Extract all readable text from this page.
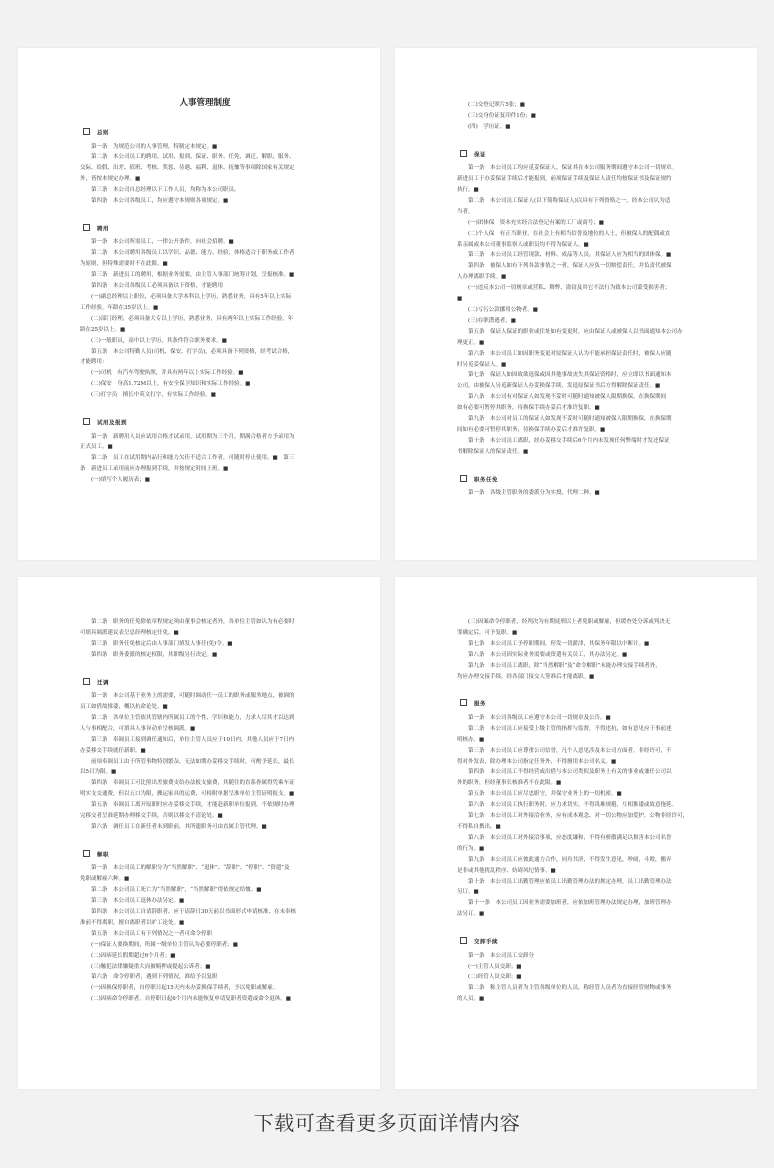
人事管理制度
总则
第一条　为规范公司的人事管理，特制定本规定。■
第二条　本公司员工的聘用、试用、报到、保证、职务、任免、调迁、解职、服务、
交际、给假、出差、值班、考核、奖惩、待遇、福利、退休、抚恤等事项除国家有关规定
外，皆按本规定办理。■
第三条　本公司自总经理以下工作人员，均称为本公司职员。
第四条　本公司各级员工，均应遵守本规则各项规定。■
聘用
第一条　本公司所需员工，一律公开条件，向社会招聘。■
第二条　本公司聘用各级员工以学识、品德、能力、经验、体格适合于职务或工作者
为原则，但特殊需要时不在此限。■
第三条　新进员工的聘用，根据业务需要，由主管人事部门统筹计划，呈报核准。■
第四条　本公司各级员工必须具备以下资格，才能聘用
(一)副总经理以上职位，必须具备大学本科以上学历，熟悉业务，具有5年以上实际
工作经验，年龄在35岁以上。■
(二)部门经理，必须具备大专以上学历，熟悉业务，具有两年以上实际工作经验，年
龄在25岁以上。■
(三)一般职员，高中以上学历，其条件符合职务要求。■
第五条　本公司特勤人员(司机、保安、打字员)，必须具备下列资格，经考试合格，
才能聘用：
(一)司机　有汽车驾驶执照，并具有两年以上实际工作经验。■
(二)保安　身高1.72M以上，有安全保卫知识和实际工作经验。■
(三)打字员　擅长中英文打字，有实际工作经验。■
试用及报到
第一条　新聘用人员应试用合格才试录用，试用期为三个月，期满合格者方予录用为
正式员工。■
第二条　员工在试用期内品行和能力欠佳不适合工作者，可随时停止使用。■　第三
条　新进员工录用前应办理报到手续，并按规定时间上班。■
(一)填写个人履历表；■
(二)交登记照片5张；■
(三)交身份证复印件1份；■
(四)　学历证。■
保证
第一条　本公司员工均应觅妥保证人，保证其在本公司服务期间遵守本公司一切规章。
新进员工于办妥保证手续后才能报到，前项保证手续及保证人责任均按保证书及保证规约
执行。■
第二条　本公司员工保证人(以下简称保证人)以具有下列资格之一，经本公司认为适
当者。
(一)团体保　资本充实经合法登记有案的工厂或商号；■
(二)个人保　有正当职业，在社会上有相当信誉及地位的人士，但被保人的配偶或直
系亲属或本公司董事监察人或职员均不得为保证人。■
第三条　本公司员工经管现款、材料、成品等人员，其保证人应为相当的团体保。■
第四条　被保人如有下列各款事情之一者，保证人应负一切赔偿责任，并负责代被保
人办理离职手续。■
(一)违反本公司一切规章或营私、舞弊、盗窃及其它不法行为致本公司蒙受损害者；
■
(二)亏污公款挪用公物者。■
(三)存职潜逃者。■
第五条　保证人保证的职业或住址如有变更时，应由保证人或被保人以书面通知本公司办
理更正。■
第六条　本公司员工如因职务变更对原保证人认为不能承担保证责任时，被保人应随
时另觅妥保证人。■
第七条　保证人如因故欲退保或因其他事故丧失其保证资格时，应立即以书面通知本
公司，由被保人另觅新保证人办妥换保手续，发退原保证书后方得解除保证责任。■
第八条　本公司有对保证人如发现不妥时可随时通知被保人限期换保，在换保期间
如有必要可暂停其职务，待换保手续办妥后才准许复职。■
第九条　本公司对员工的保证人如发现不妥时可随时通知被保人限期换保，在换保期
间如有必要可暂停其职务，待换保手续办妥后才准许复职。■
第十条　本公司员工离职，经办妥移交手续后6个月内未发现任何弊端时才发还保证
书解除保证人的保证责任。■
职务任免
第一条　各级主管职务的委派分为实授、代理二种。■
第二条　职务的任免除依章程规定须由董事会核定者外，各单位主管如认为有必要时
可填具调派建议表呈总经理核定任免。■
第三条　职务任免核定后由人事部门填发人事任(免)令。■
第四条　职务委派的核定权限，其职级另行决定。■
迁调
第一条　本公司基于业务上的需要，可随时调动任一员工的职务或服务地点，被调的
员工如借故推诿，概以抗命论处。■
第二条　各单位主管依其管辖内所属员工的个性、学识和能力，力求人尽其才以达到
人与事相配合，可填具人事异动单呈核调派。■
第三条　奉调员工接到调任通知后，单位主管人员应于10日内，其他人员应于7日内
办妥移交手续就任新职。■
前项奉调员工由于所管事物特别繁杂，无法如期办妥移交手续时，可酌予延长，最长
以5日为限。■
第四条　奉调员工可比照出差旅费支给办法报支旅费，其随往的直系眷属得凭乘车证
明实支交通费，但以五口为限，搬运家具的运费，可检附单据呈准单位主管证明报支。■
第五条　奉调员工离开原职时应办妥移交手续，才能赴新职单位报到，不依规时办理
完移交者呈准延期办理移交手续，否则以移交不清论处。■
第六条　调任员工在新任者未到职前，其所遗职务可由直属主管代理。■
解职
第一条　本公司员工的解职分为“当然解职”、“退休”、“辞职”、“停职”、“资遣”及
免职或解雇六种。■
第二条　本公司员工死亡为“当然解职”，“当然解职”得依规定给恤。■
第三条　本公司员工退休办法另定。■
第四条　本公司员工自请辞职者，应于请辞日30天前以书面形式申请核准，在未奉核
准前不得离职，擅自离职者以旷工论处。■
第五条　本公司员工有下列情况之一者可命令停职
(一)保证人要换期间，所属一级单位主管认为必要停职者；■
(二)因病延长假期超过6个月者；■
(三)触犯法律嫌疑重大而被羁押或提起公诉者；■
第六条　命令停职者，遇到下列情况，准给予以复职
(一)因换保停职者，自停职日起15天内未办妥换保手续者，予以免职或解雇。
(二)因病命令停职者，自停职日起6个月内未能恢复申请复职者资遣或命令退休。■
(三)因案命令停职者，经判决为有期徒刑以上者免职或解雇，但缓查处分诉或判决无
罪确定后，可予复职。■
第七条　本公司员工予停职期间，停发一切薪津，其保务年限以中断计。■
第八条　本公司因实际业务需要或资遣有关员工，其办法另定。■
第九条　本公司员工离职，除“当然解职”及“命令解职”未能办理交接手续者外，
均应办理交接手续，经各部门接交人签准后才能离职。■
服务
第一条　本公司各级员工应遵守本公司一切规章及公告。■
第二条　本公司员工应接受上级主管的指挥与监督，不得违抗，如有意见应于事前述
明核办。■
第三条　本公司员工应尊重公司信誉，凡个人意见涉及本公司方面者，非经许可，不
得对外发表，除办理本公司指定任务外，不得擅用本公司名义。■
第四条　本公司员工不得经营或出借与本公司类似及职务上有关的事业或兼任公司以
外的职务，但经董事长核准者不在此限。■
第五条　本公司员工应尽忠职守，并保守业务上的一切机密。■
第六条　本公司员工执行职务时，应力求切实，不得畏难规避，互相推诿或故意拖延。
第七条　本公司员工对外接洽业务，应有成本观念，对一切公物应加爱护，公物非经许可，
不得私自携出。■
第八条　本公司员工对外接洽事项，应态度谦和，不得有骄傲满足以损害本公司名誉
的行为。■
第九条　本公司员工应彼此通力合作，同舟共济，不得发生意见，吵闹，斗殴，搬弄
是非或其他扰乱秩序、妨碍风纪情事。■
第十条　本公司员工出勤管理应依员工出勤管理办法的规定办理，员工出勤管理办法
另订。■
第十一条　本公司员工因业务需要加班者，应依加班管理办法规定办理，加班管理办
法另订。■
交卸手续
第一条　本公司员工交卸分
(一)主管人员交卸；■
(二)经管人员交卸；■
第二条　称主管人员者为主管各级单位的人员，称经管人员者为直接经管财物或事务
的人员。■
下载可查看更多页面详情内容
